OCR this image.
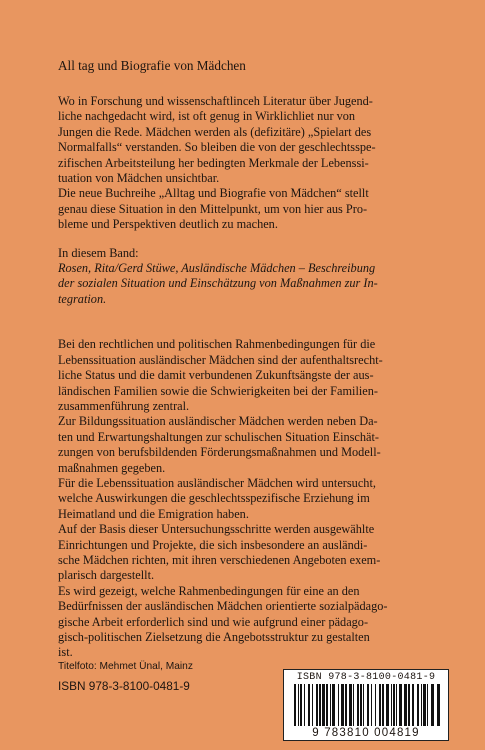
All tag und Biografie von Mädchen
Wo in Forschung und wissenschaftlinceh Literatur über Jugend-
liche nachgedacht wird, ist oft genug in Wirklichliet nur von
Jungen die Rede. Mädchen werden als (defizitäre) „Spielart des
Normalfalls“ verstanden. So bleiben die von der geschlechtsspe-
zifischen Arbeitsteilung her bedingten Merkmale der Lebenssi-
tuation von Mädchen unsichtbar.
Die neue Buchreihe „Alltag und Biografie von Mädchen“ stellt
genau diese Situation in den Mittelpunkt, um von hier aus Pro-
bleme und Perspektiven deutlich zu machen.
In diesem Band:
Rosen, Rita/Gerd Stüwe, Ausländische Mädchen – Beschreibung
der sozialen Situation und Einschätzung von Maßnahmen zur In-
tegration.
Bei den rechtlichen und politischen Rahmenbedingungen für die
Lebenssituation ausländischer Mädchen sind der aufenthaltsrecht-
liche Status und die damit verbundenen Zukunftsängste der aus-
ländischen Familien sowie die Schwierigkeiten bei der Familien-
zusammenführung zentral.
Zur Bildungssituation ausländischer Mädchen werden neben Da-
ten und Erwartungshaltungen zur schulischen Situation Einschät-
zungen von berufsbildenden Förderungsmaßnahmen und Modell-
maßnahmen gegeben.
Für die Lebenssituation ausländischer Mädchen wird untersucht,
welche Auswirkungen die geschlechtsspezifische Erziehung im
Heimatland und die Emigration haben.
Auf der Basis dieser Untersuchungsschritte werden ausgewählte
Einrichtungen und Projekte, die sich insbesondere an ausländi-
sche Mädchen richten, mit ihren verschiedenen Angeboten exem-
plarisch dargestellt.
Es wird gezeigt, welche Rahmenbedingungen für eine an den
Bedürfnissen der ausländischen Mädchen orientierte sozialpädago-
gische Arbeit erforderlich sind und wie aufgrund einer pädago-
gisch-politischen Zielsetzung die Angebotsstruktur zu gestalten
ist.
Titelfoto: Mehmet Ünal, Mainz
ISBN 978-3-8100-0481-9
ISBN 978-3-8100-0481-9
9 783810 004819
